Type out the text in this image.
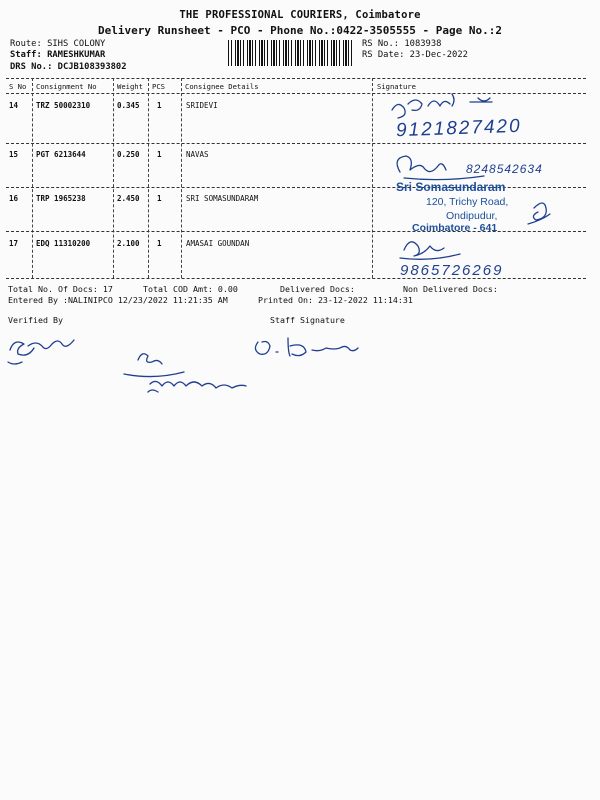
THE PROFESSIONAL COURIERS, Coimbatore
Delivery Runsheet - PCO - Phone No.:0422-3505555 - Page No.:2
Route: SIHS COLONY
Staff: RAMESHKUMAR
DRS No.: DCJB108393802
RS No.: 1083938
RS Date: 23-Dec-2022
S No Consignment No	Weight PCS	Consignee Details	Signature
14 TRZ 50002310	0.345 1	SRIDEVI
15 PGT 6213644	0.250 1	NAVAS
16 TRP 1965238	2.450 1	SRI SOMASUNDARAM
17 EDQ 11310200	2.100 1	AMASAI GOUNDAN
Total No. Of Docs: 17	Total COD Amt: 0.00	Delivered Docs:	Non Delivered Docs:
Entered By :NALINIPCO 12/23/2022 11:21:35 AM	Printed On: 23-12-2022 11:14:31
Verified By	Staff Signature
9121827420
8248542634
9865726269
Sri Somasundaram
120, Trichy Road,
Ondipudur,
Coimbatore - 641
